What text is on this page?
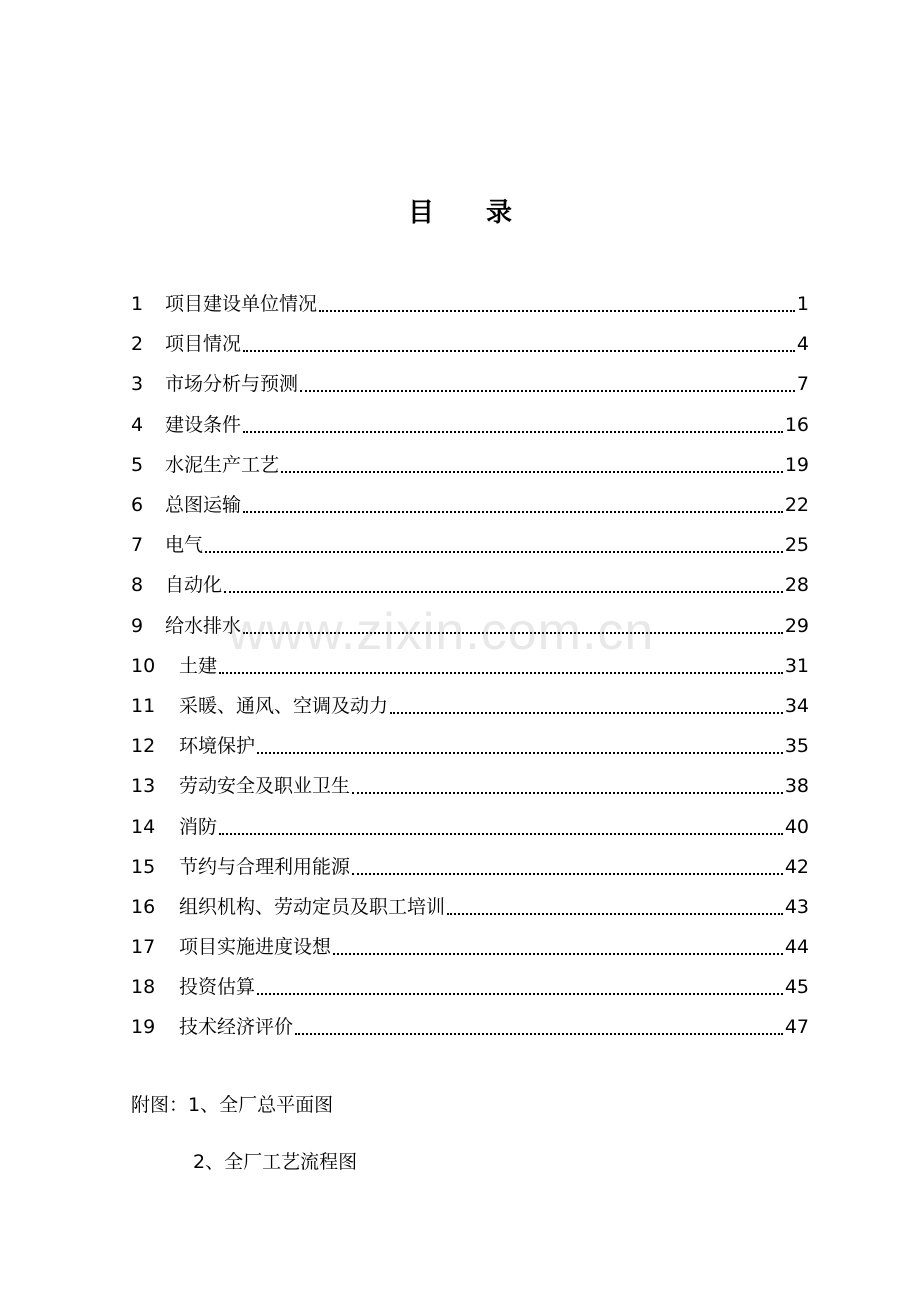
目 录
1	项目建设单位情况	1
2	项目情况	4
3	市场分析与预测	7
4	建设条件	16
5	水泥生产工艺	19
6	总图运输	22
7	电气	25
8	自动化	28
9	给水排水	29
10	土建	31
11	采暖、通风、空调及动力	34
12	环境保护	35
13	劳动安全及职业卫生	38
14	消防	40
15	节约与合理利用能源	42
16	组织机构、劳动定员及职工培训	43
17	项目实施进度设想	44
18	投资估算	45
19	技术经济评价	47
附图：1、全厂总平面图
2、全厂工艺流程图
www.zixin.com.cn
